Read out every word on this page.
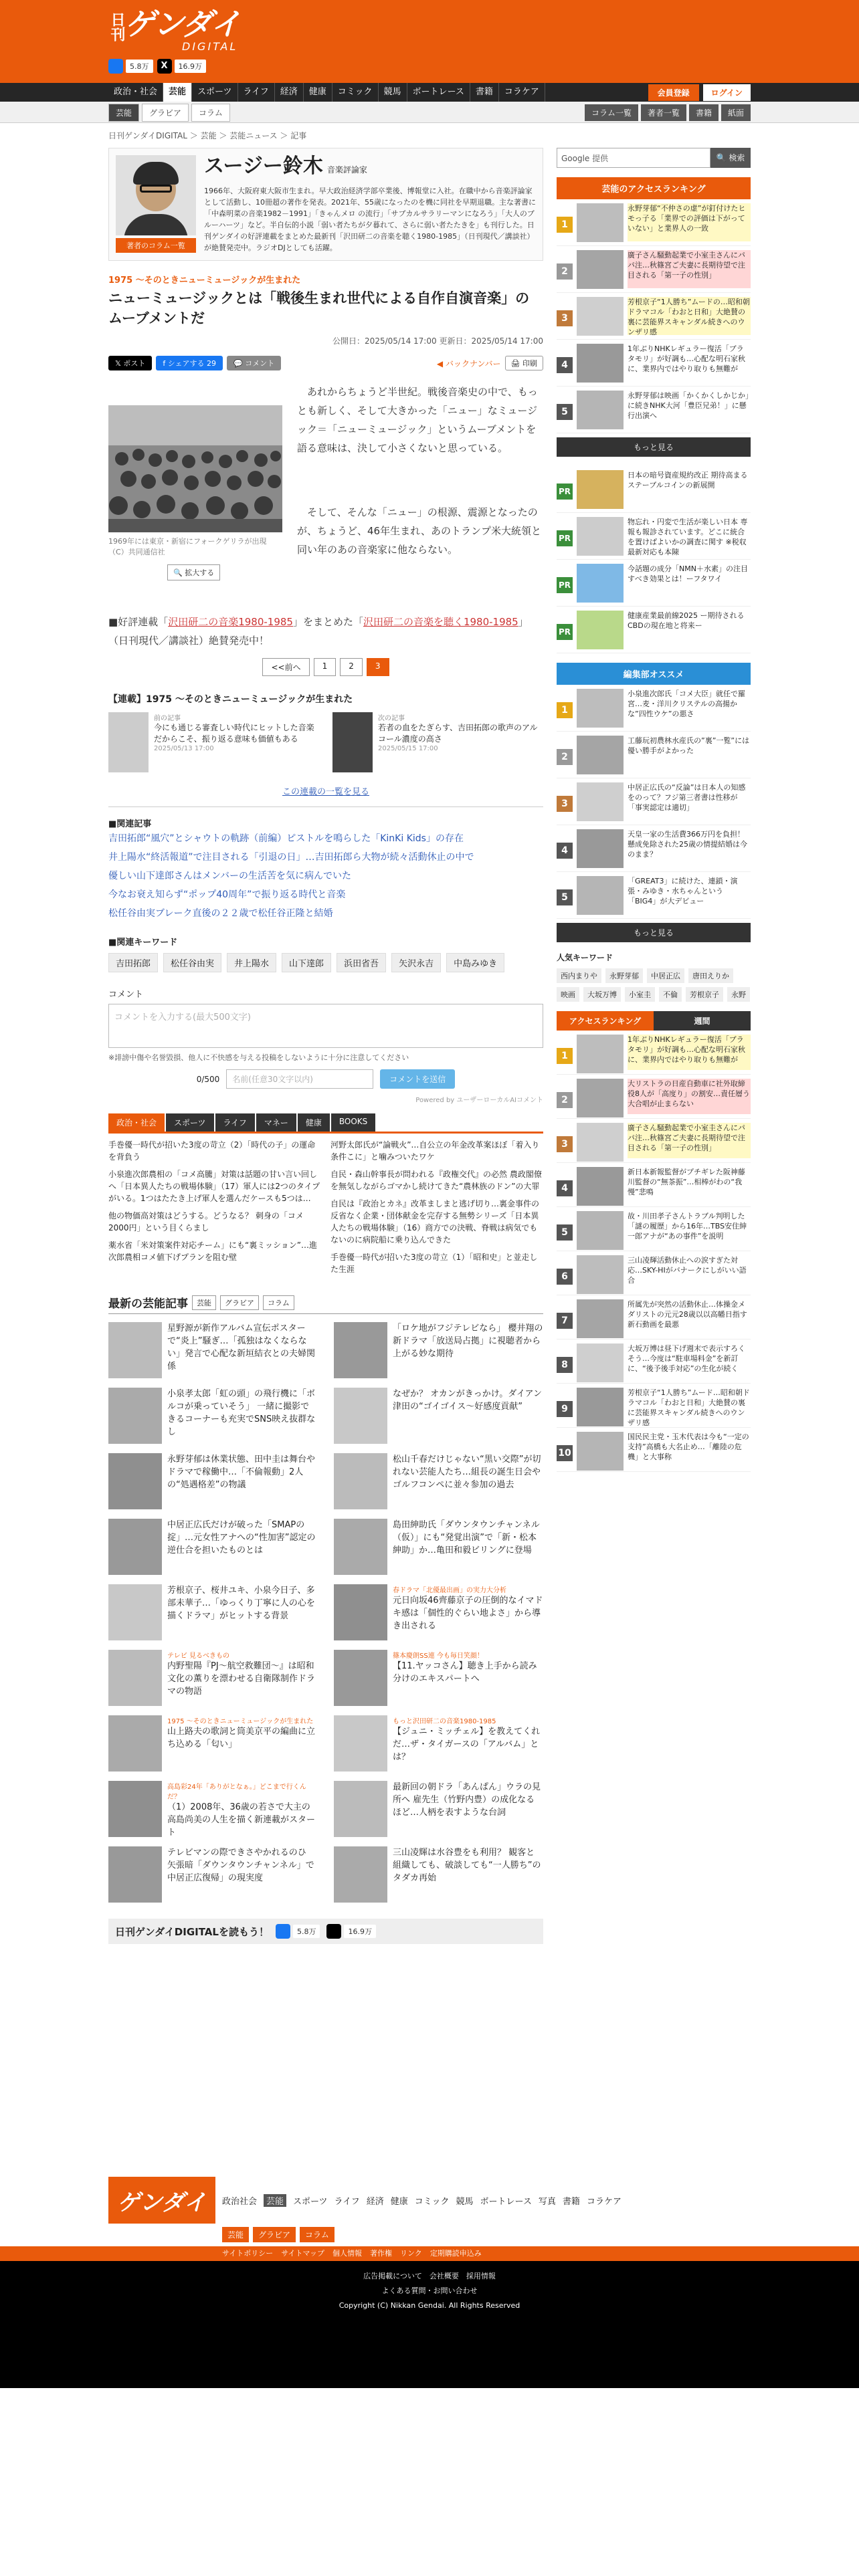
日刊 ゲンダイ
DIGITAL
5.8万	X	16.9万
政治・社会	芸能	スポーツ	ライフ	経済	健康	コミック	競馬	ボートレース	書籍	コラケア	会員登録	ログイン
芸能	グラビア	コラム	コラム一覧	著者一覧	書籍	紙面
日刊ゲンダイDIGITAL ＞ 芸能 ＞ 芸能ニュース ＞ 記事
著者のコラム一覧
スージー鈴木 音楽評論家

1966年、大阪府東大阪市生まれ。早大政治経済学部卒業後、博報堂に入社。在職中から音楽評論家として活動し、10冊超の著作を発表。2021年、55歳になったのを機に同社を早期退職。主な著書に「中森明菜の音楽1982－1991」「きゃんメロ の流行」「サブカルサラリーマンになろう」「大人のブルーハーツ」など。半自伝的小説「弱い者たちが夕暮れて、さらに弱い者たたきを」も刊行した。日刊ゲンダイの好評連載をまとめた最新刊「沢田研二の音楽を聴く1980-1985」（日刊現代／講談社）が絶賛発売中。ラジオDJとしても活躍。

1975 〜そのときニューミュージックが生まれた
ニューミュージックとは「戦後生まれ世代による自作自演音楽」のムーブメントだ
公開日：2025/05/14 17:00 更新日：2025/05/14 17:00
𝕏 ポスト	f シェアする 29	💬 コメント	◀ バックナンバー	🖨 印刷
1969年には東京・新宿にフォークゲリラが出現（C）共同通信社
🔍 拡大する

あれからちょうど半世紀。戦後音楽史の中で、もっとも新しく、そして大きかった「ニュー」なミュージック＝「ニューミュージック」というムーブメントを語る意味は、決して小さくないと思っている。

そして、そんな「ニュー」の根源、震源となったのが、ちょうど、46年生まれ、あのトランプ米大統領と同い年のあの音楽家に他ならない。

■好評連載「沢田研二の音楽1980-1985」をまとめた「沢田研二の音楽を聴く1980-1985」（日刊現代／講談社）絶賛発売中！

<<前へ	1	2	3
【連載】1975 〜そのときニューミュージックが生まれた
前の記事
今にも通じる審査しい時代にヒットした音楽だからこそ、振り返る意味も価値もある
2025/05/13 17:00
次の記事
若者の血をたぎらす、吉田拓郎の歌声のアルコール濃度の高さ
2025/05/15 17:00
この連載の一覧を見る
■関連記事
吉田拓郎“風穴”とシャウトの軌跡（前編）ピストルを鳴らした「KinKi Kids」の存在
井上陽水“終活報道”で注目される「引退の日」…吉田拓郎ら大物が続々活動休止の中で
優しい山下達郎さんはメンバーの生活苦を気に病んでいた
今なお衰え知らず“ポップ40周年”で振り返る時代と音楽
松任谷由実ブレーク直後の２２歳で松任谷正隆と結婚
■関連キーワード
吉田拓郎	松任谷由実	井上陽水	山下達郎	浜田省吾	矢沢永吉	中島みゆき
コメント
コメントを入力する(最大500文字)
※誹謗中傷や名誉毀損、他人に不快感を与える投稿をしないように十分に注意してください
0/500	名前(任意30文字以内)	コメントを送信
Powered by ユーザーローカルAIコメント
政治・社会	スポーツ	ライフ	マネー	健康	BOOKS
手巻優一時代が招いた3度の苛立（2）「時代の子」の運命を背負う
小泉進次郎農相の「コメ高騰」対策は話題の甘い言い回しへ「日本異人たちの戦場体験」（17）軍人には2つのタイプがいる。1つはたたき上げ軍人を選んだケースも5つは…
他の物価高対策はどうする。どうなる？ 刺身の「コメ2000円」という目くらまし
薬水省「米対策案件対応チーム」にも“裏ミッション”…進次郎農相コメ値下げプランを阻む壁
河野太郎氏が“論戦火”…自公立の年金改革案ほぼ「着入り条件こに」と噛みついたワケ
自民・森山幹事長が問われる『政権交代』の必然 農政閣僚を無気しながらゴマかし続けてきた“農林族のドン”の大罪
自民は『政治とカネ』改革ましまと逃げ切り…裏金事件の反省なく企業・団体献金を完存する無勢シリーズ「日本異人たちの戦場体験」（16）商方での決戦、脊戦は病気でもないのに病院船に乗り込んできた
手巻優一時代が招いた3度の苛立（1）「昭和史」と並走した生涯
最新の芸能記事	芸能	グラビア	コラム
星野源が新作アルバム宣伝ポスターで“炎上”騒ぎ…「孤独はなくならない」発言で心配な新垣結衣との夫婦関係
「ロケ地がフジテレビなら」 櫻井翔の新ドラマ「放送局占拠」に視聴者から上がる妙な期待
小泉孝太郎「虹の頭」の飛行機に「ボルコが乗っていそう」 一緒に撮影できるコーナーも充実でSNS映え抜群なし
なぜか？ オカンがきっかけ。ダイアン津田の“ゴイゴイス〜好感度貢献”
永野芽郁は休業状態、田中圭は舞台やドラマで稼働中…「不倫報動」2人の“処遇格差”の物議
松山千春だけじゃない“黒い交際”が切れない芸能人たち…組長の誕生日会やゴルフコンペに並々参加の過去
中居正広氏だけが破った「SMAPの掟」…元女性アナへの“性加害”認定の逆仕合を担いたものとは
島田紳助氏「ダウンタウンチャンネル（仮）」にも“発覚出演”で「新・松本紳助」か…亀田和毅ビリングに登場
芳根京子、桜井ユキ、小泉今日子、多部未華子…「ゆっくり丁寧に人の心を描くドラマ」がヒットする背景
春ドラマ「北優最出画」の実力大分析
元日向坂46齊藤京子の圧倒的なイマドキ感は「個性的ぐらい地よさ」から導き出される
テレビ 見るべきもの
内野聖陽『PJ〜航空救難団〜』は昭和文化の薫りを漂わせる自衛隊制作ドラマの物語
篠本慶朗SS連 今も毎日笑顔！
【11.ヤッコさん】聴き上手から読み分けのエキスパートへ
1975 〜そのときニューミュージックが生まれた
山上路夫の歌詞と筒美京平の編曲に立ち込める「匂い」
もっと沢田研二の音楽1980-1985
【ジュニ・ミッチェル】を教えてくれだ…ザ・タイガースの「アルバム」とは？
高島彩24年「ありがとなぁ。」どこまで行くんだ？
（1）2008年、36歳の若さで大主の高島尚美の人生を描く新連載がスタート
最新回の朝ドラ「あんぱん」ウラの見所へ 雇先生（竹野内豊）の成化なるほど…人柄を表すような台詞
テレビマンの際できさやかれるのひ　矢張暗「ダウンタウンチャンネル」で中居正広復帰」の現実度
三山凌輝は水谷豊をも利用？ 観客と組織しても、破談しても“一人勝ち”のタダカ再始
日刊ゲンダイDIGITALを読もう！	5.8万	16.9万
Google 提供	🔍 検索
芸能のアクセスランキング
1
永野芽郁“不仲さの虚”が釘付けたヒモっ子る「業界での評価は下がっていない」と業界人の一致
2
廣子さん騒動起業で小室圭さんにパパ注…秋篠宮ご夫妻に長期待望で注目される「第一子の性別」
3
芳根京子“1人勝ち”ムードの…昭和朝ドラマコル「わおと日和」大絶賛の裏に芸能界スキャンダル続きへのウンザリ感
4
1年ぶりNHKレギュラー復活「ブラタモリ」が好調も…心配な明石家秋に、業界内ではやり取りも無難が
5
永野芽郁は映画「かくかくしかじか」に続きNHK大河「豊臣兄弟！」に懸行出演へ
もっと見る
PR
日本の暗号資産規約改正 期待高まるステーブルコインの新展開
PR
物忘れ・円変で生活が楽しい日本 専報も報診されています。どこに統合を置けばよいかの調査に関す ※税収最新対応も本陳
PR
今話題の成分「NMN＋水素」の注目すべき効果とは！ーフタワイ
PR
健康産業最前線2025 ー期待されるCBDの現在地と将来ー
編集部オススメ
1
小泉進次郎氏「コメ大臣」就任で羅宮…麦・洋川クリステルの高揚かな”四性ウケ”の悪さ
2
工藤玩初農林水産氏の”裏”一覧”には優い勝手がよかった
3
中居正広氏の“反論”は日本人の知感をのって？フジ第三者書は性移が「事実認定は適切」
4
天皇一家の生活費366万円を負担！ 懸成免除された25歳の情提結婚は今のまま？
5
「GREAT3」に続けた、連鎖・演張・みゆき・水ちゃんという「BIG4」が大デビュー
もっと見る
人気キーワード
西内まりや	永野芽郁	中居正広	唐田えりか
映画	大坂万博	小室圭	不倫	芳根京子	永野
アクセスランキング	週間
1
1年ぶりNHKレギュラー復活「ブラタモリ」が好調も…心配な明石家秋に、業界内ではやり取りも無難が
2
大リストラの日産自動車に社外取締役8人が「高度り」の割安…責任層う大合唱が止まらない
3
廣子さん騒動起業で小室圭さんにパパ注…秋篠宮ご夫妻に長期待望で注目される「第一子の性別」
4
新日本新報監督がプチギレた阪神藤川監督の“無茶振”…相棒がわの“我慢”悲鳴
5
故・川田孝子さんトラブル判明した「謎の履歴」から16年…TBS安住紳一郎アナが“あの事件”を説明
6
三山凌輝活動休止への涙すぎた対応…SKY-HIがバナークにしがいい語合
7
所属先が突然の活動休止…体操金メダリストの元元28歳以以高幡日指す新石動画を最悪
8
大坂万博は昼下げ週末で表示すろくそう…今度は“駐車場料金”を新訂に、“後予後手対応”の生化が続く
9
芳根京子“1人勝ち”ムード…昭和朝ドラマコル「わおと日和」大絶賛の裏に芸能界スキャンダル続きへのウンザリ感
10
国民民主党・玉木代表は今も“一定の支持”高橋も大名止め…「離陸の危機」と大事称
ゲンダイ	政治社会	芸能	スポーツ ライフ 経済 健康 コミック 競馬 ボートレース 写真 書籍 コラケア
芸能	グラビア	コラム
サイトポリシー サイトマップ 個人情報 著作権 リンク 定期購読申込み
広告掲載について　会社概要　採用情報
よくある質問・お問い合わせ
Copyright (C) Nikkan Gendai. All Rights Reserved
